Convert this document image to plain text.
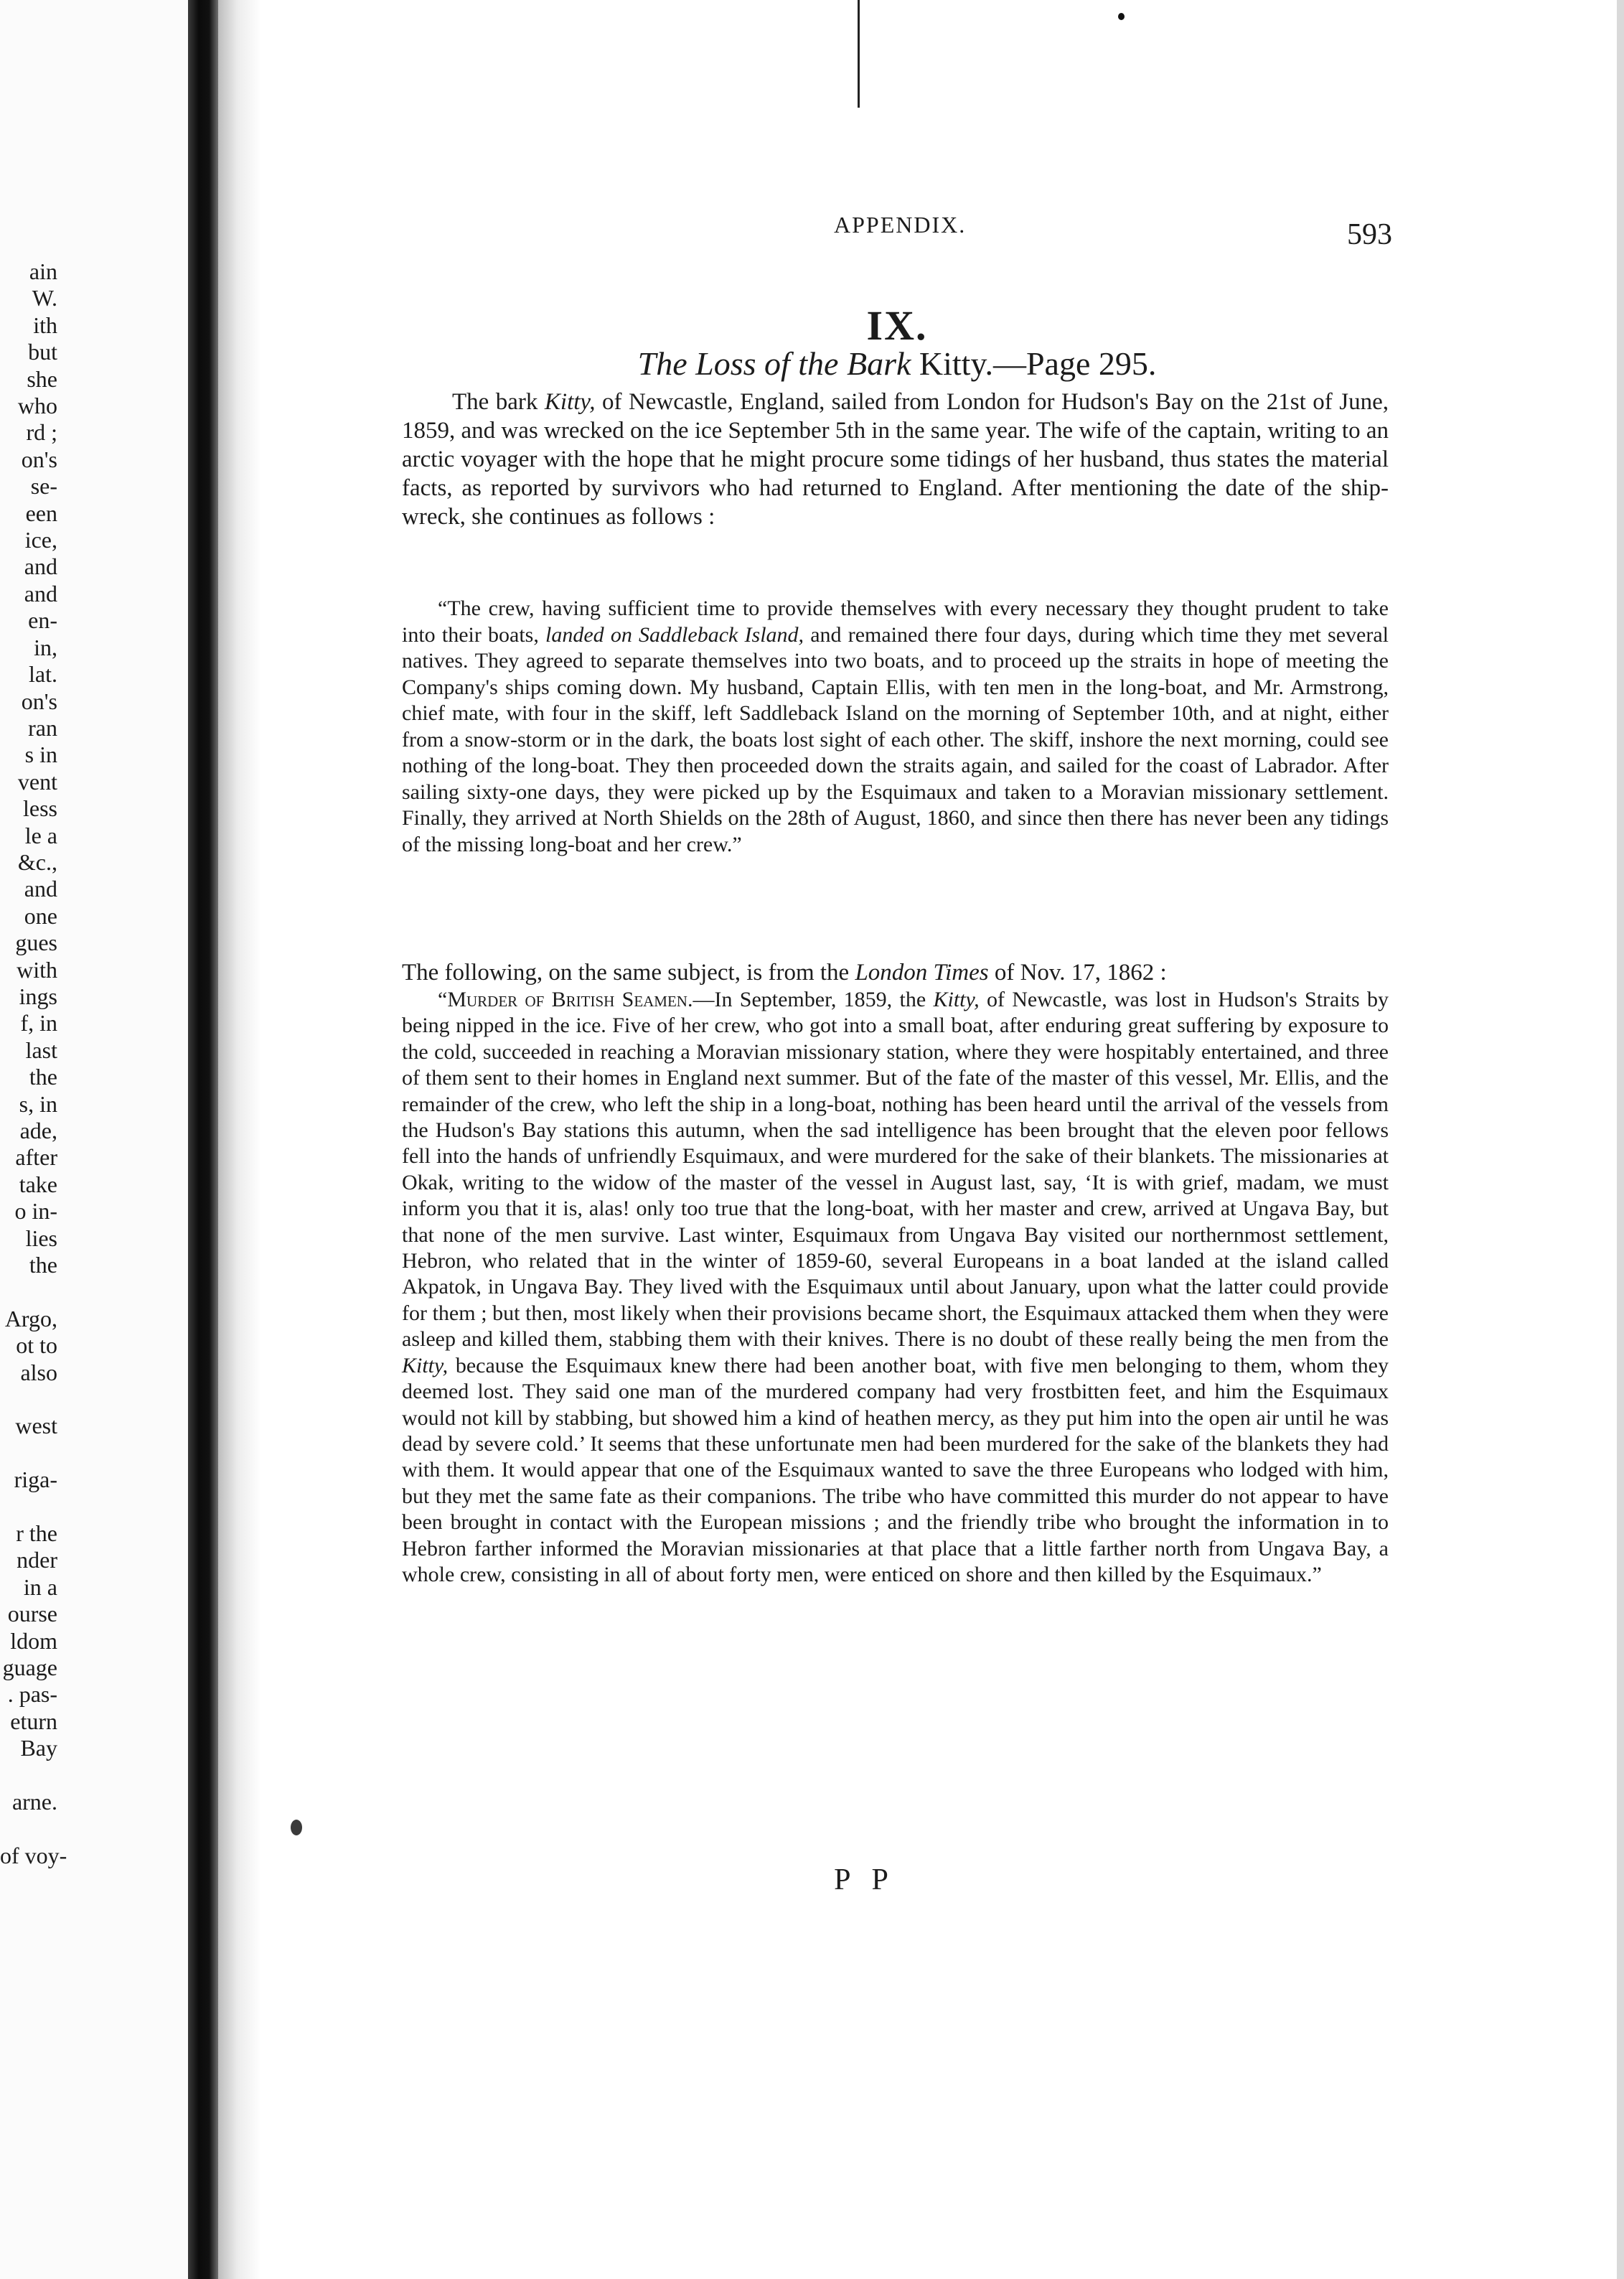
ain
W.
ith
but
she
who
rd ;
on's
se-
een
ice,
and
and
en-
in,
lat.
on's
ran
s in
vent
less
le a
&c.,
and
one
gues
with
ings
f, in
last
the
s, in
ade,
after
take
o in-
lies
the
Argo,
ot to
also
west
riga-
r the
nder
in a
ourse
ldom
guage
. pas-
eturn
Bay
arne.
of voy-
APPENDIX.	593
IX.
The Loss of the Bark Kitty.—Page 295.
The bark Kitty, of Newcastle, England, sailed from London for Hudson's Bay on the 21st of June, 1859, and was wrecked on the ice September 5th in the same year. The wife of the captain, writing to an arctic voyager with the hope that he might procure some tidings of her husband, thus states the material facts, as reported by survivors who had returned to England. After mentioning the date of the ship-wreck, she continues as follows :
“The crew, having sufficient time to provide themselves with every necessary they thought prudent to take into their boats, landed on Saddleback Island, and remained there four days, during which time they met several natives. They agreed to separate themselves into two boats, and to proceed up the straits in hope of meeting the Company's ships coming down. My husband, Captain Ellis, with ten men in the long-boat, and Mr. Armstrong, chief mate, with four in the skiff, left Saddleback Island on the morning of September 10th, and at night, either from a snow-storm or in the dark, the boats lost sight of each other. The skiff, inshore the next morning, could see nothing of the long-boat. They then proceeded down the straits again, and sailed for the coast of Labrador. After sailing sixty-one days, they were picked up by the Esquimaux and taken to a Moravian missionary settlement. Finally, they arrived at North Shields on the 28th of August, 1860, and since then there has never been any tidings of the missing long-boat and her crew.”
The following, on the same subject, is from the London Times of Nov. 17, 1862 :
“Murder of British Seamen.—In September, 1859, the Kitty, of Newcastle, was lost in Hudson's Straits by being nipped in the ice. Five of her crew, who got into a small boat, after enduring great suffering by exposure to the cold, succeeded in reaching a Moravian missionary station, where they were hospitably entertained, and three of them sent to their homes in England next summer. But of the fate of the master of this vessel, Mr. Ellis, and the remainder of the crew, who left the ship in a long-boat, nothing has been heard until the arrival of the vessels from the Hudson's Bay stations this autumn, when the sad intelligence has been brought that the eleven poor fellows fell into the hands of unfriendly Esquimaux, and were murdered for the sake of their blankets. The missionaries at Okak, writing to the widow of the master of the vessel in August last, say, ‘It is with grief, madam, we must inform you that it is, alas! only too true that the long-boat, with her master and crew, arrived at Ungava Bay, but that none of the men survive. Last winter, Esquimaux from Ungava Bay visited our northernmost settlement, Hebron, who related that in the winter of 1859-60, several Europeans in a boat landed at the island called Akpatok, in Ungava Bay. They lived with the Esquimaux until about January, upon what the latter could provide for them ; but then, most likely when their provisions became short, the Esquimaux attacked them when they were asleep and killed them, stabbing them with their knives. There is no doubt of these really being the men from the Kitty, because the Esquimaux knew there had been another boat, with five men belonging to them, whom they deemed lost. They said one man of the murdered company had very frostbitten feet, and him the Esquimaux would not kill by stabbing, but showed him a kind of heathen mercy, as they put him into the open air until he was dead by severe cold.’ It seems that these unfortunate men had been murdered for the sake of the blankets they had with them. It would appear that one of the Esquimaux wanted to save the three Europeans who lodged with him, but they met the same fate as their companions. The tribe who have committed this murder do not appear to have been brought in contact with the European missions ; and the friendly tribe who brought the information in to Hebron farther informed the Moravian missionaries at that place that a little farther north from Ungava Bay, a whole crew, consisting in all of about forty men, were enticed on shore and then killed by the Esquimaux.”
P P
